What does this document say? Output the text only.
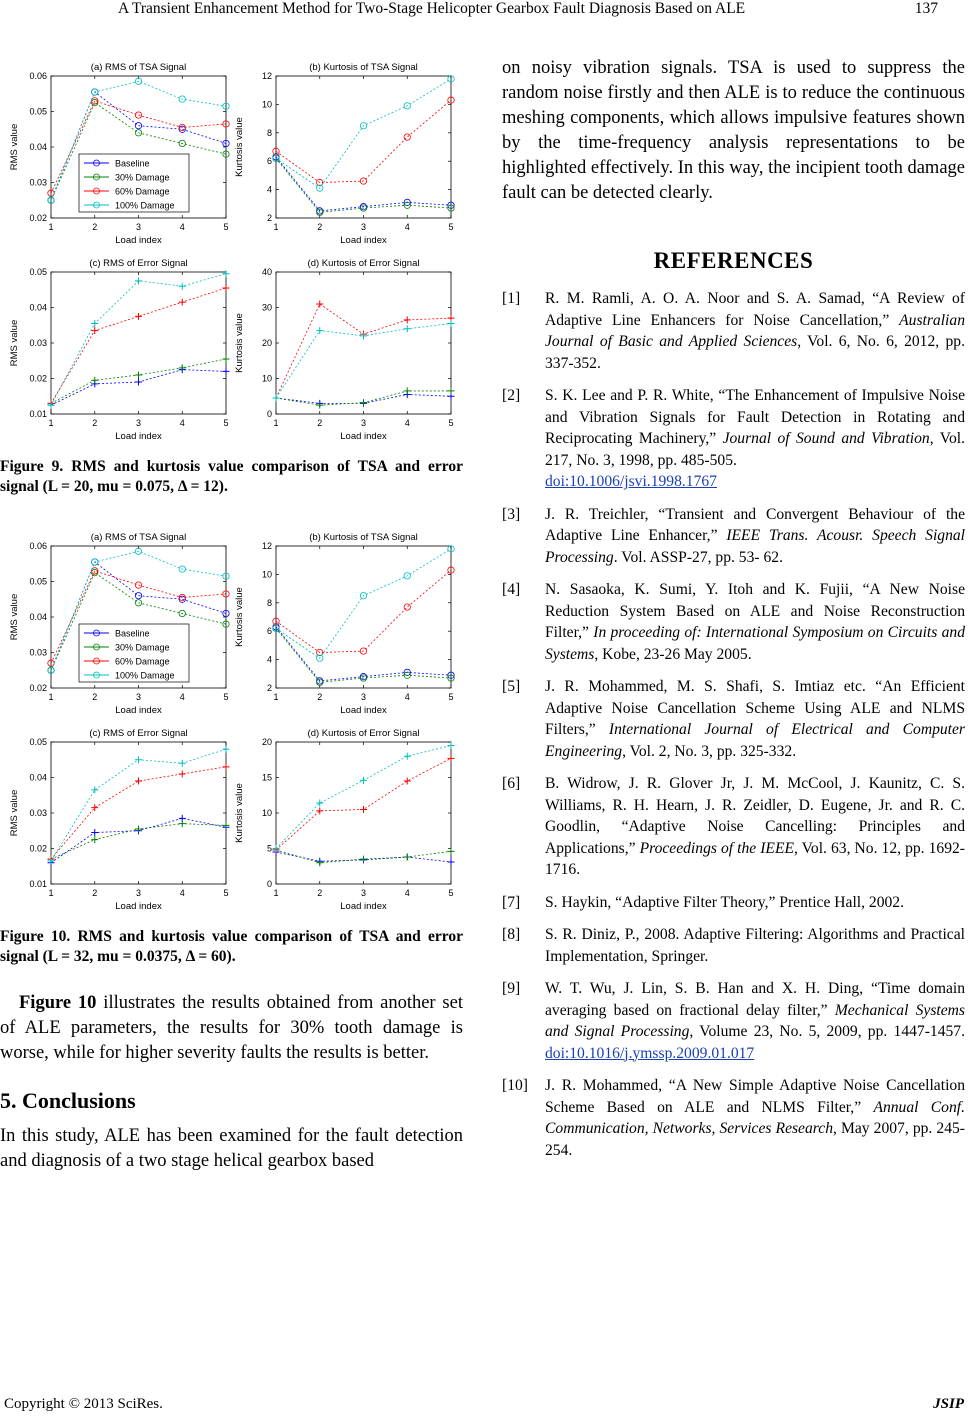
A Transient Enhancement Method for Two-Stage Helicopter Gearbox Fault Diagnosis Based on ALE	137
(a) RMS of TSA Signal
1	2	3	4	5
Load index
0.02
0.03
0.04
0.05
0.06
RMS value	Baseline
30% Damage
60% Damage
100% Damage
(b) Kurtosis of TSA Signal
1	2	3	4	5
Load index
2
4
6
8
10
12
Kurtosis value
(c) RMS of Error Signal
1	2	3	4	5
Load index
0.01
0.02
0.03
0.04
0.05
RMS value
(d) Kurtosis of Error Signal
1	2	3	4	5
Load index
0
10
20
30
40
Kurtosis value
Figure 9. RMS and kurtosis value comparison of TSA and error signal (L = 20, mu = 0.075, Δ = 12).
(a) RMS of TSA Signal
1	2	3	4	5
Load index
0.02
0.03
0.04
0.05
0.06
RMS value	Baseline
30% Damage
60% Damage
100% Damage
(b) Kurtosis of TSA Signal
1	2	3	4	5
Load index
2
4
6
8
10
12
Kurtosis value
(c) RMS of Error Signal
1	2	3	4	5
Load index
0.01
0.02
0.03
0.04
0.05
RMS value
(d) Kurtosis of Error Signal
1	2	3	4	5
Load index
0
5
10
15
20
Kurtosis value
Figure 10. RMS and kurtosis value comparison of TSA and error signal (L = 32, mu = 0.0375, Δ = 60).

Figure 10 illustrates the results obtained from another set of ALE parameters, the results for 30% tooth damage is worse, while for higher severity faults the results is better.

5. Conclusions

In this study, ALE has been examined for the fault detection and diagnosis of a two stage helical gearbox based

on noisy vibration signals. TSA is used to suppress the random noise firstly and then ALE is to reduce the continuous meshing components, which allows impulsive features shown by the time-frequency analysis representations to be highlighted effectively. In this way, the incipient tooth damage fault can be detected clearly.

REFERENCES
[1] R. M. Ramli, A. O. A. Noor and S. A. Samad, “A Review of Adaptive Line Enhancers for Noise Cancellation,” Australian Journal of Basic and Applied Sciences, Vol. 6, No. 6, 2012, pp. 337-352.
[2] S. K. Lee and P. R. White, “The Enhancement of Impulsive Noise and Vibration Signals for Fault Detection in Rotating and Reciprocating Machinery,” Journal of Sound and Vibration, Vol. 217, No. 3, 1998, pp. 485-505.
doi:10.1006/jsvi.1998.1767
[3] J. R. Treichler, “Transient and Convergent Behaviour of the Adaptive Line Enhancer,” IEEE Trans. Acousr. Speech Signal Processing. Vol. ASSP-27, pp. 53- 62.
[4] N. Sasaoka, K. Sumi, Y. Itoh and K. Fujii, “A New Noise Reduction System Based on ALE and Noise Reconstruction Filter,” In proceeding of: International Symposium on Circuits and Systems, Kobe, 23-26 May 2005.
[5] J. R. Mohammed, M. S. Shafi, S. Imtiaz etc. “An Efficient Adaptive Noise Cancellation Scheme Using ALE and NLMS Filters,” International Journal of Electrical and Computer Engineering, Vol. 2, No. 3, pp. 325-332.
[6] B. Widrow, J. R. Glover Jr, J. M. McCool, J. Kaunitz, C. S. Williams, R. H. Hearn, J. R. Zeidler, D. Eugene, Jr. and R. C. Goodlin, “Adaptive Noise Cancelling: Principles and Applications,” Proceedings of the IEEE, Vol. 63, No. 12, pp. 1692-1716.
[7] S. Haykin, “Adaptive Filter Theory,” Prentice Hall, 2002.
[8] S. R. Diniz, P., 2008. Adaptive Filtering: Algorithms and Practical Implementation, Springer.
[9] W. T. Wu, J. Lin, S. B. Han and X. H. Ding, “Time domain averaging based on fractional delay filter,” Mechanical Systems and Signal Processing, Volume 23, No. 5, 2009, pp. 1447-1457. doi:10.1016/j.ymssp.2009.01.017
[10] J. R. Mohammed, “A New Simple Adaptive Noise Cancellation Scheme Based on ALE and NLMS Filter,” Annual Conf. Communication, Networks, Services Research, May 2007, pp. 245-254.
Copyright © 2013 SciRes.	JSIP
